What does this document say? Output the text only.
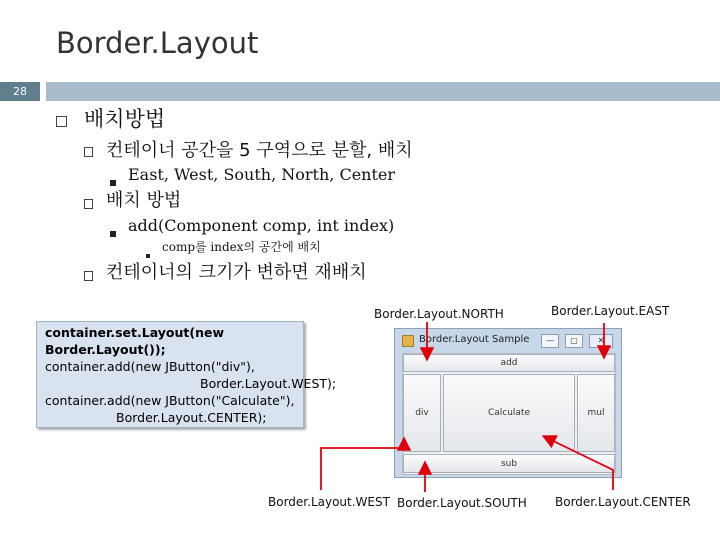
Border.Layout
28
배치방법
컨테이너 공간을 5 구역으로 분할, 배치
East, West, South, North, Center
배치 방법
add(Component comp, int index)
comp를 index의 공간에 배치
컨테이너의 크기가 변하면 재배치
Border.Layout.NORTH	Border.Layout.EAST
Border.Layout.WEST Border.Layout.SOUTH Border.Layout.CENTER
container.set.Layout(new
Border.Layout());
container.add(new JButton("div"),
Border.Layout.WEST);
container.add(new JButton("Calculate"),
Border.Layout.CENTER);
Border.Layout Sample	—	▢	✕
add
div	Calculate	mul
sub
